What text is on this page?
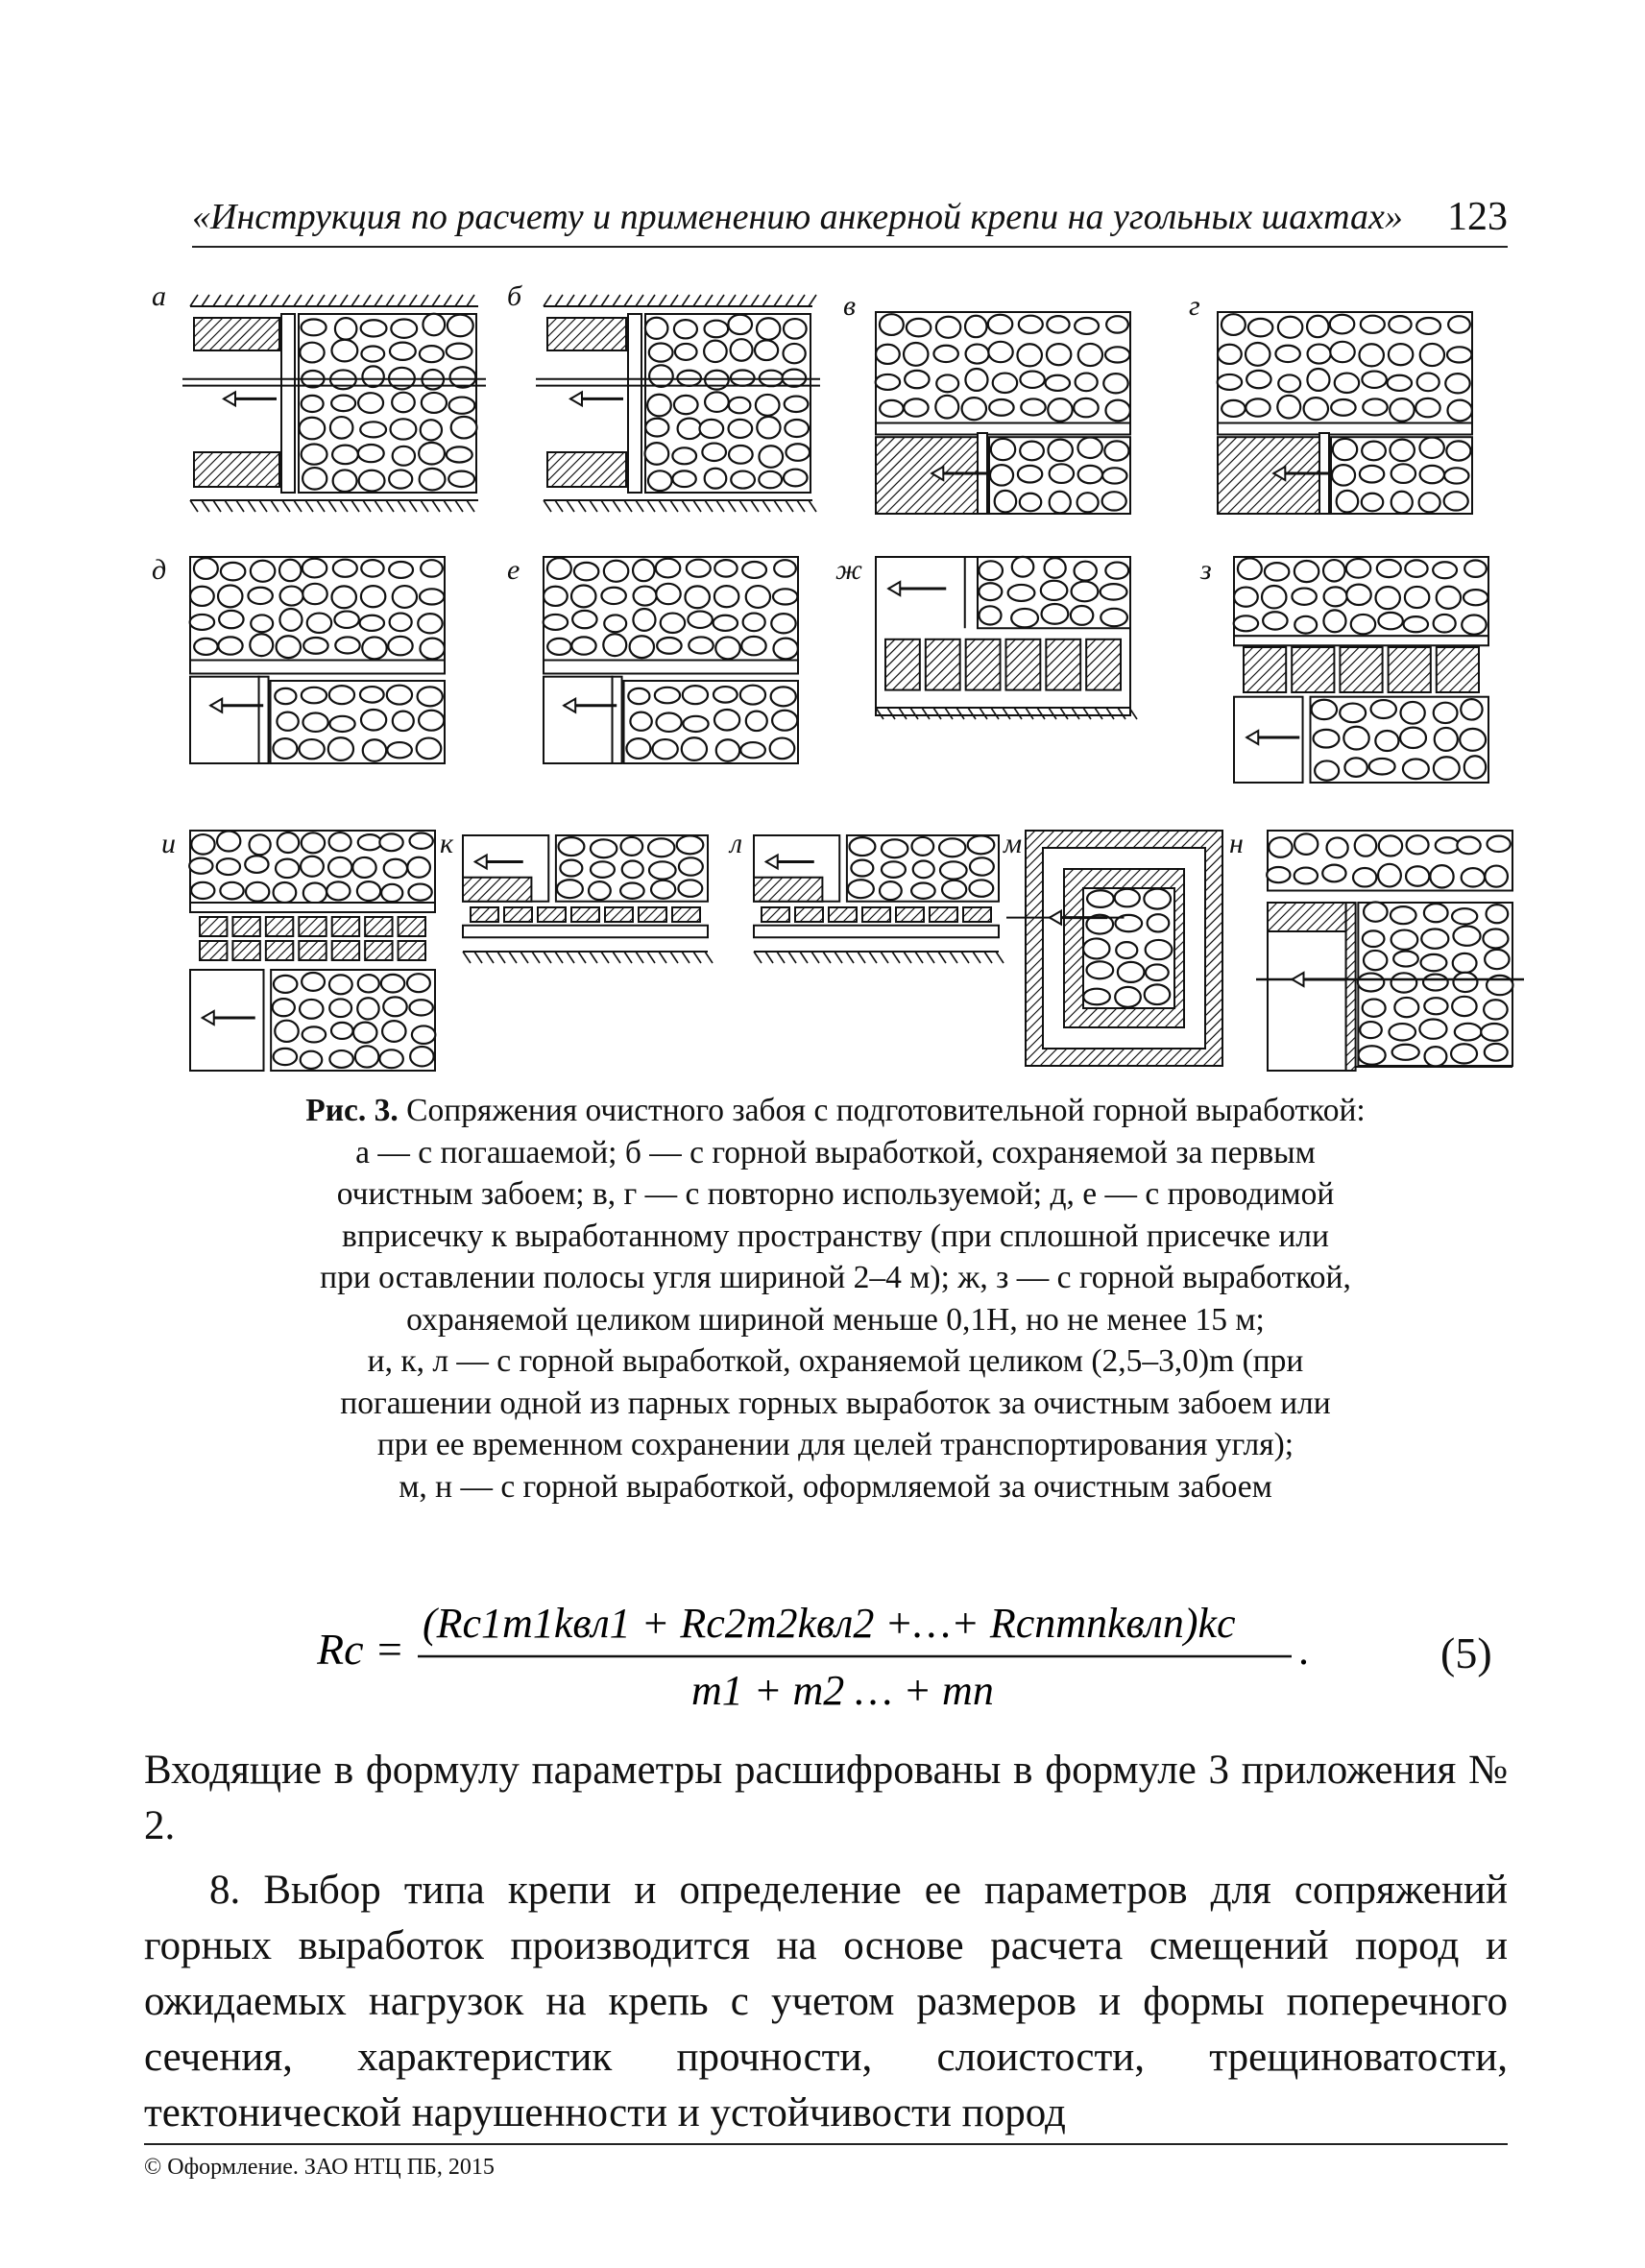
«Инструкция по расчету и применению анкерной крепи на угольных шахтах» 123
а	б	в	г
д	е	ж	з
и	к	л	м	н
Рис. 3. Сопряжения очистного забоя с подготовительной горной выработкой:
а — с погашаемой; б — с горной выработкой, сохраняемой за первым
очистным забоем; в, г — с повторно используемой; д, е — с проводимой
вприсечку к выработанному пространству (при сплошной присечке или
при оставлении полосы угля шириной 2–4 м); ж, з — с горной выработкой,
охраняемой целиком шириной меньше 0,1H, но не менее 15 м;
и, к, л — с горной выработкой, охраняемой целиком (2,5–3,0)m (при
погашении одной из парных горных выработок за очистным забоем или
при ее временном сохранении для целей транспортирования угля);
м, н — с горной выработкой, оформляемой за очистным забоем
Rс =
(Rс1m1kвл1 + Rс2m2kвл2 +…+ Rсnmnkвлn)kс
m1 + m2 … + mn
.	(5)
Входящие в формулу параметры расшифрованы в формуле 3 приложения № 2.
8. Выбор типа крепи и определение ее параметров для сопряжений горных выработок производится на основе расчета смещений пород и ожидаемых нагрузок на крепь с учетом размеров и формы поперечного сечения, характеристик прочности, слоистости, трещиноватости, тектонической нарушенности и устойчивости пород
© Оформление. ЗАО НТЦ ПБ, 2015
